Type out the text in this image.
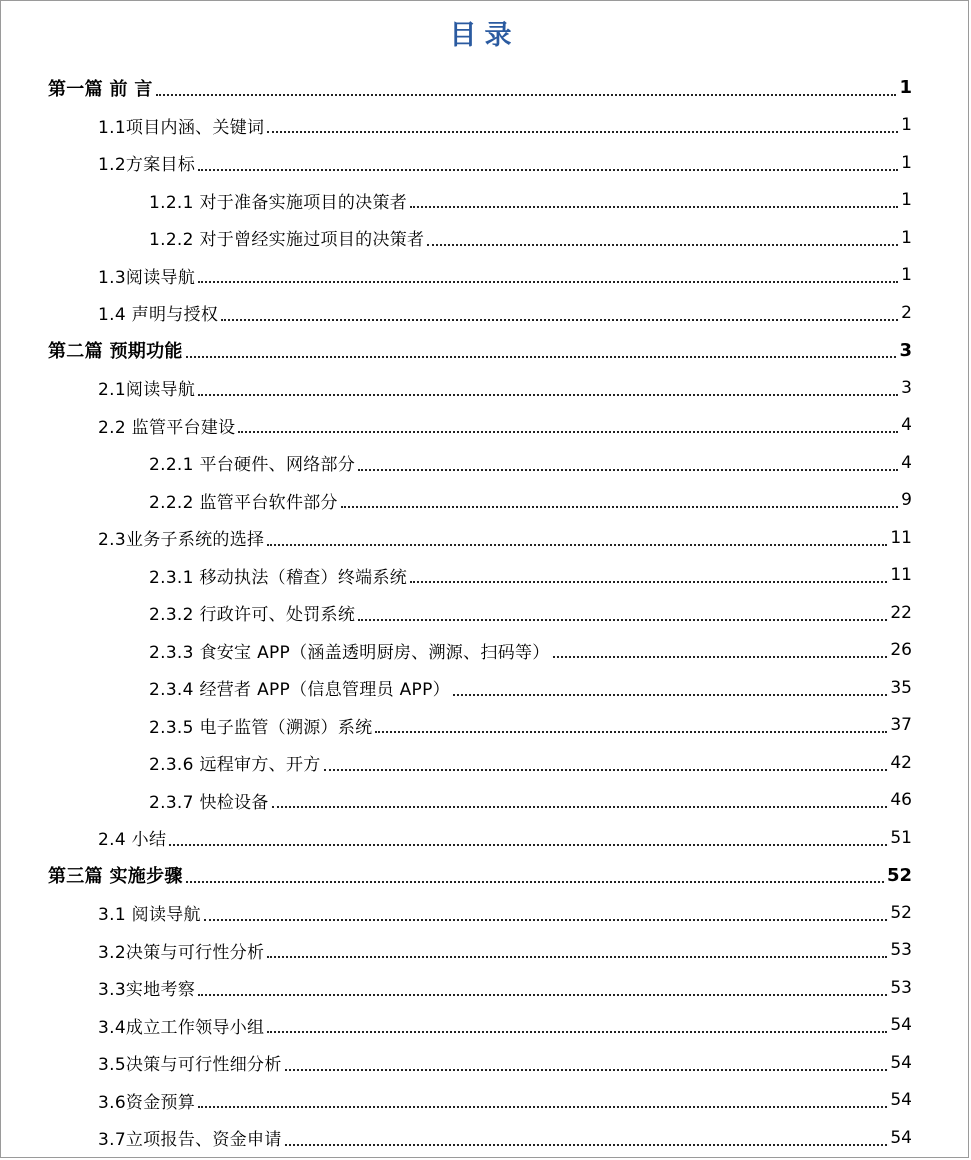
目录
第一篇 前 言	1
1.1项目内涵、关键词	1
1.2方案目标	1
1.2.1 对于准备实施项目的决策者	1
1.2.2 对于曾经实施过项目的决策者	1
1.3阅读导航	1
1.4 声明与授权	2
第二篇 预期功能	3
2.1阅读导航	3
2.2 监管平台建设	4
2.2.1 平台硬件、网络部分	4
2.2.2 监管平台软件部分	9
2.3业务子系统的选择	11
2.3.1 移动执法（稽查）终端系统	11
2.3.2 行政许可、处罚系统	22
2.3.3 食安宝 APP（涵盖透明厨房、溯源、扫码等）	26
2.3.4 经营者 APP（信息管理员 APP）	35
2.3.5 电子监管（溯源）系统	37
2.3.6 远程审方、开方	42
2.3.7 快检设备	46
2.4 小结	51
第三篇 实施步骤	52
3.1 阅读导航	52
3.2决策与可行性分析	53
3.3实地考察	53
3.4成立工作领导小组	54
3.5决策与可行性细分析	54
3.6资金预算	54
3.7立项报告、资金申请	54
